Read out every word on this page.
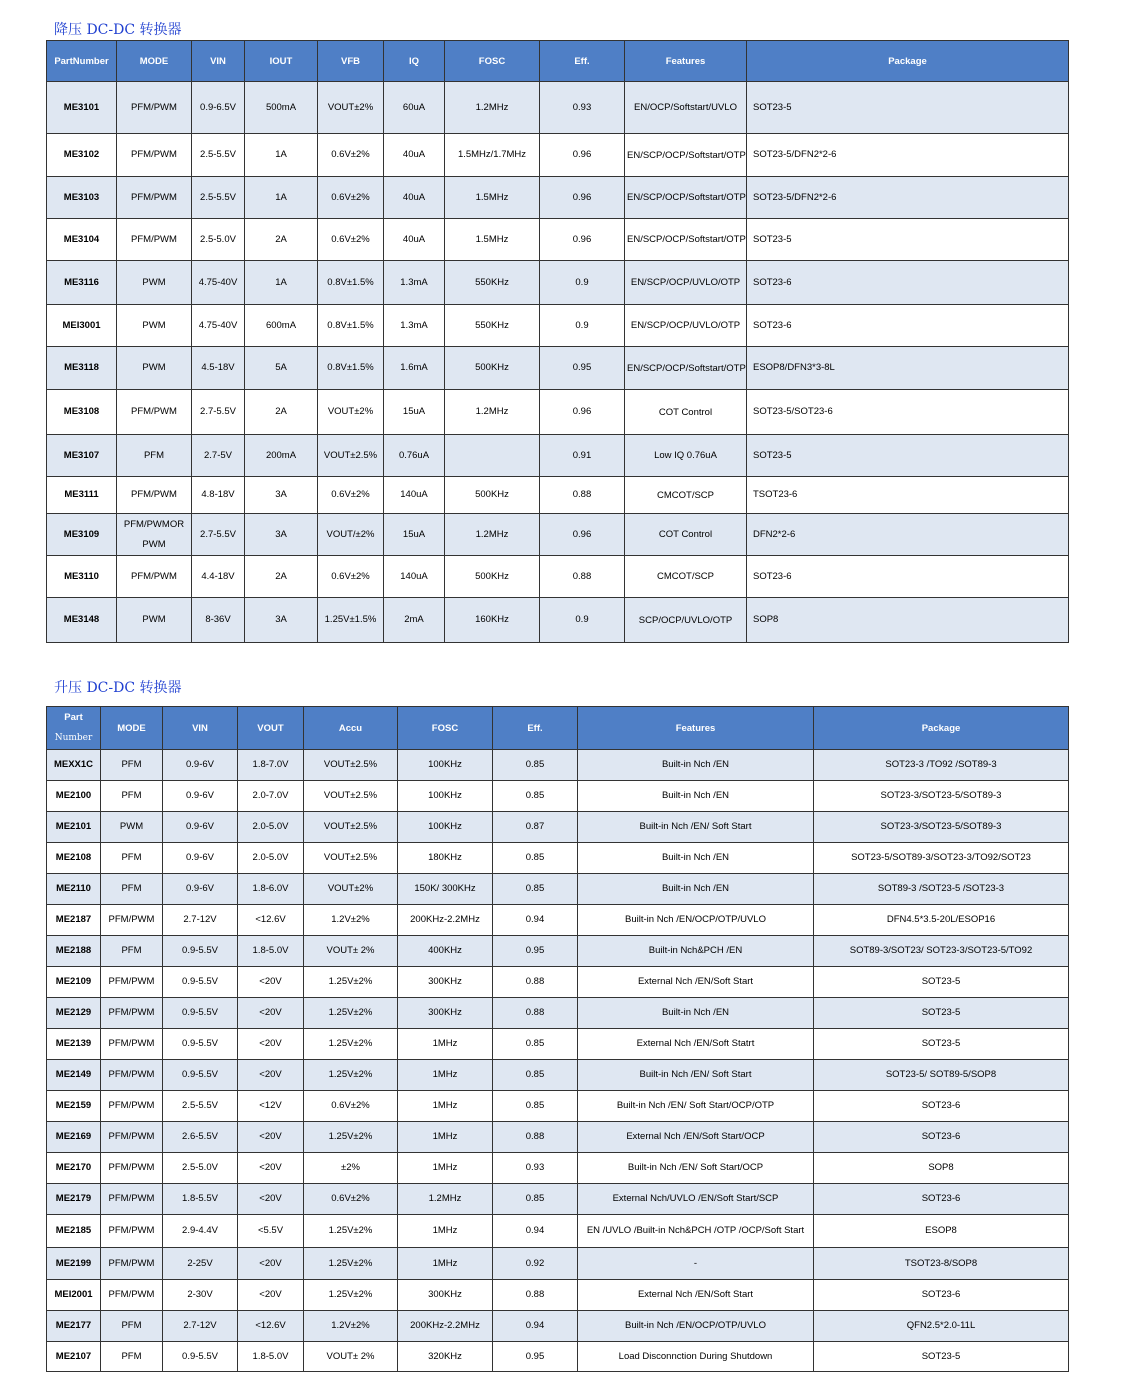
降压 DC-DC 转换器
PartNumber	MODE	VIN	IOUT	VFB	IQ	FOSC	Eff.	Features	Package
ME3101	PFM/PWM	0.9-6.5V	500mA	VOUT±2%	60uA	1.2MHz	0.93	EN/OCP/Softstart/UVLO	SOT23-5
ME3102	PFM/PWM	2.5-5.5V	1A	0.6V±2%	40uA	1.5MHz/1.7MHz	0.96	EN/SCP/OCP/Softstart/OTP	SOT23-5/DFN2*2-6
ME3103	PFM/PWM	2.5-5.5V	1A	0.6V±2%	40uA	1.5MHz	0.96	EN/SCP/OCP/Softstart/OTP	SOT23-5/DFN2*2-6
ME3104	PFM/PWM	2.5-5.0V	2A	0.6V±2%	40uA	1.5MHz	0.96	EN/SCP/OCP/Softstart/OTP	SOT23-5
ME3116	PWM	4.75-40V	1A	0.8V±1.5%	1.3mA	550KHz	0.9	EN/SCP/OCP/UVLO/OTP	SOT23-6
MEI3001	PWM	4.75-40V	600mA	0.8V±1.5%	1.3mA	550KHz	0.9	EN/SCP/OCP/UVLO/OTP	SOT23-6
ME3118	PWM	4.5-18V	5A	0.8V±1.5%	1.6mA	500KHz	0.95	EN/SCP/OCP/Softstart/OTP	ESOP8/DFN3*3-8L
ME3108	PFM/PWM	2.7-5.5V	2A	VOUT±2%	15uA	1.2MHz	0.96	COT Control	SOT23-5/SOT23-6
ME3107	PFM	2.7-5V	200mA	VOUT±2.5%	0.76uA		0.91	Low IQ 0.76uA	SOT23-5
ME3111	PFM/PWM	4.8-18V	3A	0.6V±2%	140uA	500KHz	0.88	CMCOT/SCP	TSOT23-6
ME3109	PFM/PWMOR PWM	2.7-5.5V	3A	VOUT/±2%	15uA	1.2MHz	0.96	COT Control	DFN2*2-6
ME3110	PFM/PWM	4.4-18V	2A	0.6V±2%	140uA	500KHz	0.88	CMCOT/SCP	SOT23-6
ME3148	PWM	8-36V	3A	1.25V±1.5%	2mA	160KHz	0.9	SCP/OCP/UVLO/OTP	SOP8
升压 DC-DC 转换器
Part
Number	MODE	VIN	VOUT	Accu	FOSC	Eff.	Features	Package
MEXX1C	PFM	0.9-6V	1.8-7.0V	VOUT±2.5%	100KHz	0.85	Built-in Nch /EN	SOT23-3 /TO92 /SOT89-3
ME2100	PFM	0.9-6V	2.0-7.0V	VOUT±2.5%	100KHz	0.85	Built-in Nch /EN	SOT23-3/SOT23-5/SOT89-3
ME2101	PWM	0.9-6V	2.0-5.0V	VOUT±2.5%	100KHz	0.87	Built-in Nch /EN/ Soft Start	SOT23-3/SOT23-5/SOT89-3
ME2108	PFM	0.9-6V	2.0-5.0V	VOUT±2.5%	180KHz	0.85	Built-in Nch /EN	SOT23-5/SOT89-3/SOT23-3/TO92/SOT23
ME2110	PFM	0.9-6V	1.8-6.0V	VOUT±2%	150K/ 300KHz	0.85	Built-in Nch /EN	SOT89-3 /SOT23-5 /SOT23-3
ME2187	PFM/PWM	2.7-12V	<12.6V	1.2V±2%	200KHz-2.2MHz	0.94	Built-in Nch /EN/OCP/OTP/UVLO	DFN4.5*3.5-20L/ESOP16
ME2188	PFM	0.9-5.5V	1.8-5.0V	VOUT± 2%	400KHz	0.95	Built-in Nch&PCH /EN	SOT89-3/SOT23/ SOT23-3/SOT23-5/TO92
ME2109	PFM/PWM	0.9-5.5V	<20V	1.25V±2%	300KHz	0.88	External Nch /EN/Soft Start	SOT23-5
ME2129	PFM/PWM	0.9-5.5V	<20V	1.25V±2%	300KHz	0.88	Built-in Nch /EN	SOT23-5
ME2139	PFM/PWM	0.9-5.5V	<20V	1.25V±2%	1MHz	0.85	External Nch /EN/Soft Statrt	SOT23-5
ME2149	PFM/PWM	0.9-5.5V	<20V	1.25V±2%	1MHz	0.85	Built-in Nch /EN/ Soft Start	SOT23-5/ SOT89-5/SOP8
ME2159	PFM/PWM	2.5-5.5V	<12V	0.6V±2%	1MHz	0.85	Built-in Nch /EN/ Soft Start/OCP/OTP	SOT23-6
ME2169	PFM/PWM	2.6-5.5V	<20V	1.25V±2%	1MHz	0.88	External Nch /EN/Soft Start/OCP	SOT23-6
ME2170	PFM/PWM	2.5-5.0V	<20V	±2%	1MHz	0.93	Built-in Nch /EN/ Soft Start/OCP	SOP8
ME2179	PFM/PWM	1.8-5.5V	<20V	0.6V±2%	1.2MHz	0.85	External Nch/UVLO /EN/Soft Start/SCP	SOT23-6
ME2185	PFM/PWM	2.9-4.4V	<5.5V	1.25V±2%	1MHz	0.94	EN /UVLO /Built-in Nch&PCH /OTP /OCP/Soft Start	ESOP8
ME2199	PFM/PWM	2-25V	<20V	1.25V±2%	1MHz	0.92	-	TSOT23-8/SOP8
MEI2001	PFM/PWM	2-30V	<20V	1.25V±2%	300KHz	0.88	External Nch /EN/Soft Start	SOT23-6
ME2177	PFM	2.7-12V	<12.6V	1.2V±2%	200KHz-2.2MHz	0.94	Built-in Nch /EN/OCP/OTP/UVLO	QFN2.5*2.0-11L
ME2107	PFM	0.9-5.5V	1.8-5.0V	VOUT± 2%	320KHz	0.95	Load Disconnction During Shutdown	SOT23-5
